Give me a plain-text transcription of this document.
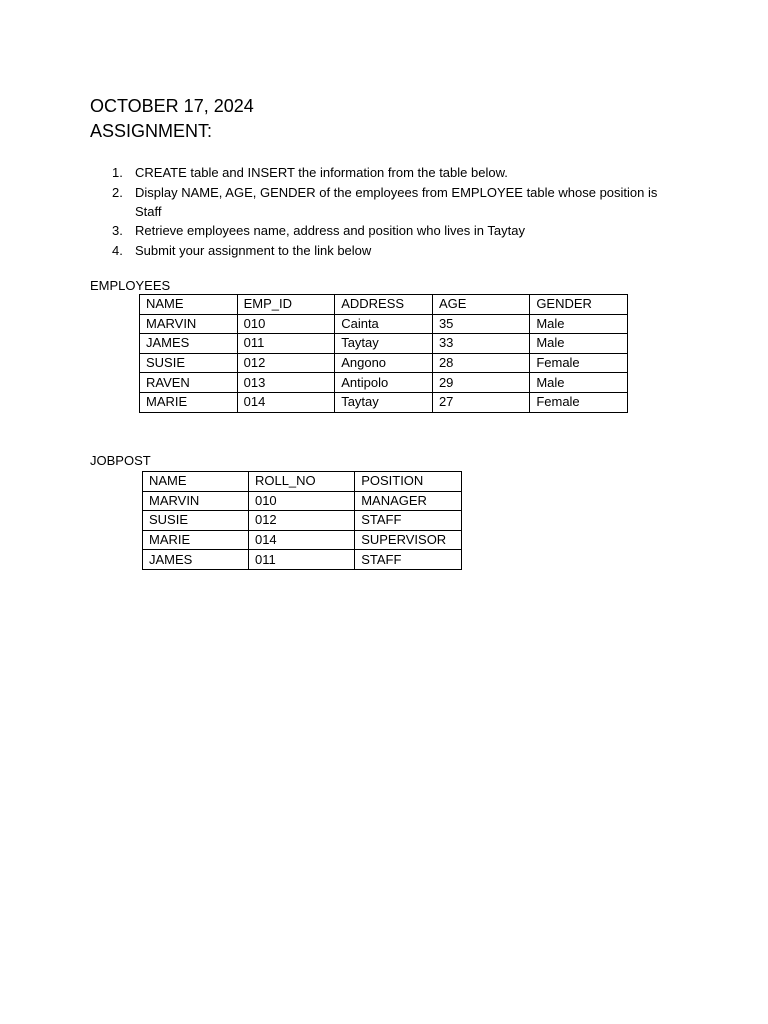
OCTOBER 17, 2024
ASSIGNMENT:
1. CREATE table and INSERT the information from the table below.
2. Display NAME, AGE, GENDER of the employees from EMPLOYEE table whose position is Staff
3. Retrieve employees name, address and position who lives in Taytay
4. Submit your assignment to the link below
EMPLOYEES
NAME	EMP_ID	ADDRESS	AGE	GENDER
MARVIN	010	Cainta	35	Male
JAMES	011	Taytay	33	Male
SUSIE	012	Angono	28	Female
RAVEN	013	Antipolo	29	Male
MARIE	014	Taytay	27	Female
JOBPOST
NAME	ROLL_NO	POSITION
MARVIN	010	MANAGER
SUSIE	012	STAFF
MARIE	014	SUPERVISOR
JAMES	011	STAFF
